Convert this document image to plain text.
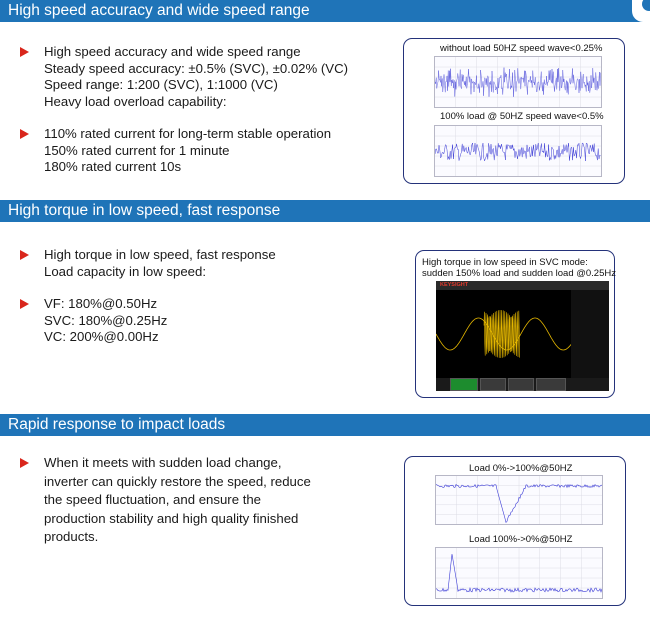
High speed accuracy and wide speed range
High speed accuracy and wide speed range
Steady speed accuracy: ±0.5% (SVC), ±0.02% (VC)
Speed range: 1:200 (SVC), 1:1000 (VC)
Heavy load overload capability:
110% rated current for long-term stable operation
150% rated current for 1 minute
180% rated current 10s
without load 50HZ speed wave<0.25%
100% load @ 50HZ speed wave<0.5%
High torque in low speed, fast response
High torque in low speed, fast response
Load capacity in low speed:
VF: 180%@0.50Hz
SVC: 180%@0.25Hz
VC: 200%@0.00Hz
High torque in low speed in SVC mode:
sudden 150% load and sudden load @0.25Hz
KEYSIGHT
Rapid response to impact loads
When it meets with sudden load change,
inverter can quickly restore the speed, reduce
the speed fluctuation, and ensure the
production stability and high quality finished
products.
Load 0%->100%@50HZ
Load 100%->0%@50HZ
